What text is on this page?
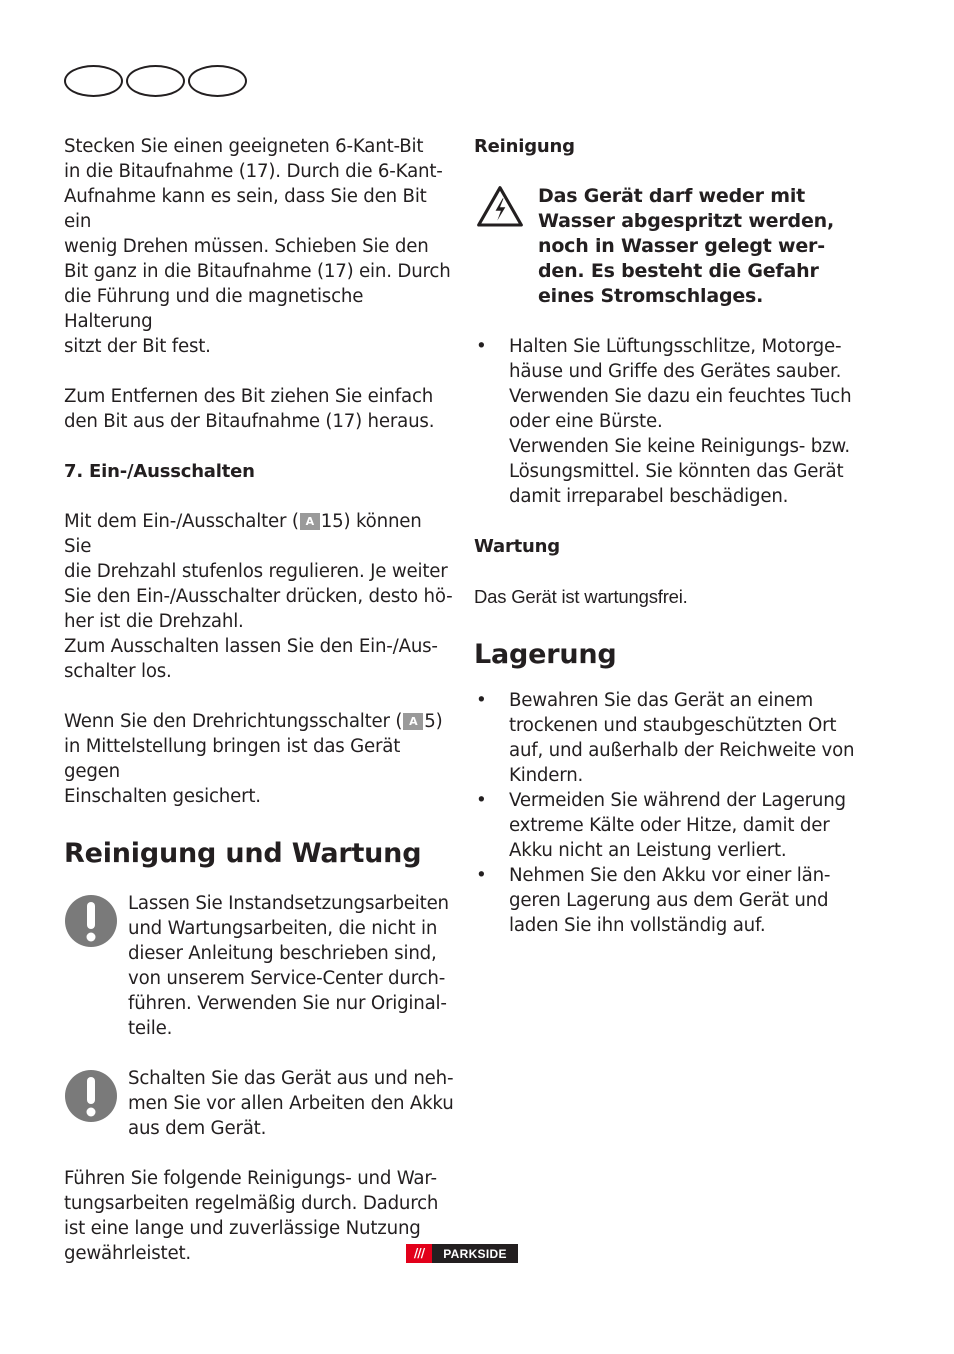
Stecken Sie einen geeigneten 6-Kant-Bit
in die Bitaufnahme (17). Durch die 6-Kant-
Aufnahme kann es sein, dass Sie den Bit ein
wenig Drehen müssen. Schieben Sie den
Bit ganz in die Bitaufnahme (17) ein. Durch
die Führung und die magnetische Halterung
sitzt der Bit fest.

Zum Entfernen des Bit ziehen Sie einfach
den Bit aus der Bitaufnahme (17) heraus.

7. Ein-/Ausschalten

Mit dem Ein-/Ausschalter ( A 15) können Sie
die Drehzahl stufenlos regulieren. Je weiter
Sie den Ein-/Ausschalter drücken, desto hö-
her ist die Drehzahl.
Zum Ausschalten lassen Sie den Ein-/Aus-
schalter los.

Wenn Sie den Drehrichtungsschalter ( A 5)
in Mittelstellung bringen ist das Gerät gegen
Einschalten gesichert.

Reinigung und Wartung
Lassen Sie Instandsetzungsarbeiten
und Wartungsarbeiten, die nicht in
dieser Anleitung beschrieben sind,
von unserem Service-Center durch-
führen. Verwenden Sie nur Original-
teile.
Schalten Sie das Gerät aus und neh-
men Sie vor allen Arbeiten den Akku
aus dem Gerät.

Führen Sie folgende Reinigungs- und War-
tungsarbeiten regelmäßig durch. Dadurch
ist eine lange und zuverlässige Nutzung
gewährleistet.

Reinigung

Das Gerät darf weder mit
Wasser abgespritzt werden,
noch in Wasser gelegt wer-
den. Es besteht die Gefahr
eines Stromschlages.
• Halten Sie Lüftungsschlitze, Motorge-
häuse und Griffe des Gerätes sauber.
Verwenden Sie dazu ein feuchtes Tuch
oder eine Bürste.
Verwenden Sie keine Reinigungs- bzw.
Lösungsmittel. Sie könnten das Gerät
damit irreparabel beschädigen.

Wartung

Das Gerät ist wartungsfrei.

Lagerung
• Bewahren Sie das Gerät an einem
trockenen und staubgeschützten Ort
auf, und außerhalb der Reichweite von
Kindern.
• Vermeiden Sie während der Lagerung
extreme Kälte oder Hitze, damit der
Akku nicht an Leistung verliert.
• Nehmen Sie den Akku vor einer län-
geren Lagerung aus dem Gerät und
laden Sie ihn vollständig auf.
///	PARKSIDE
